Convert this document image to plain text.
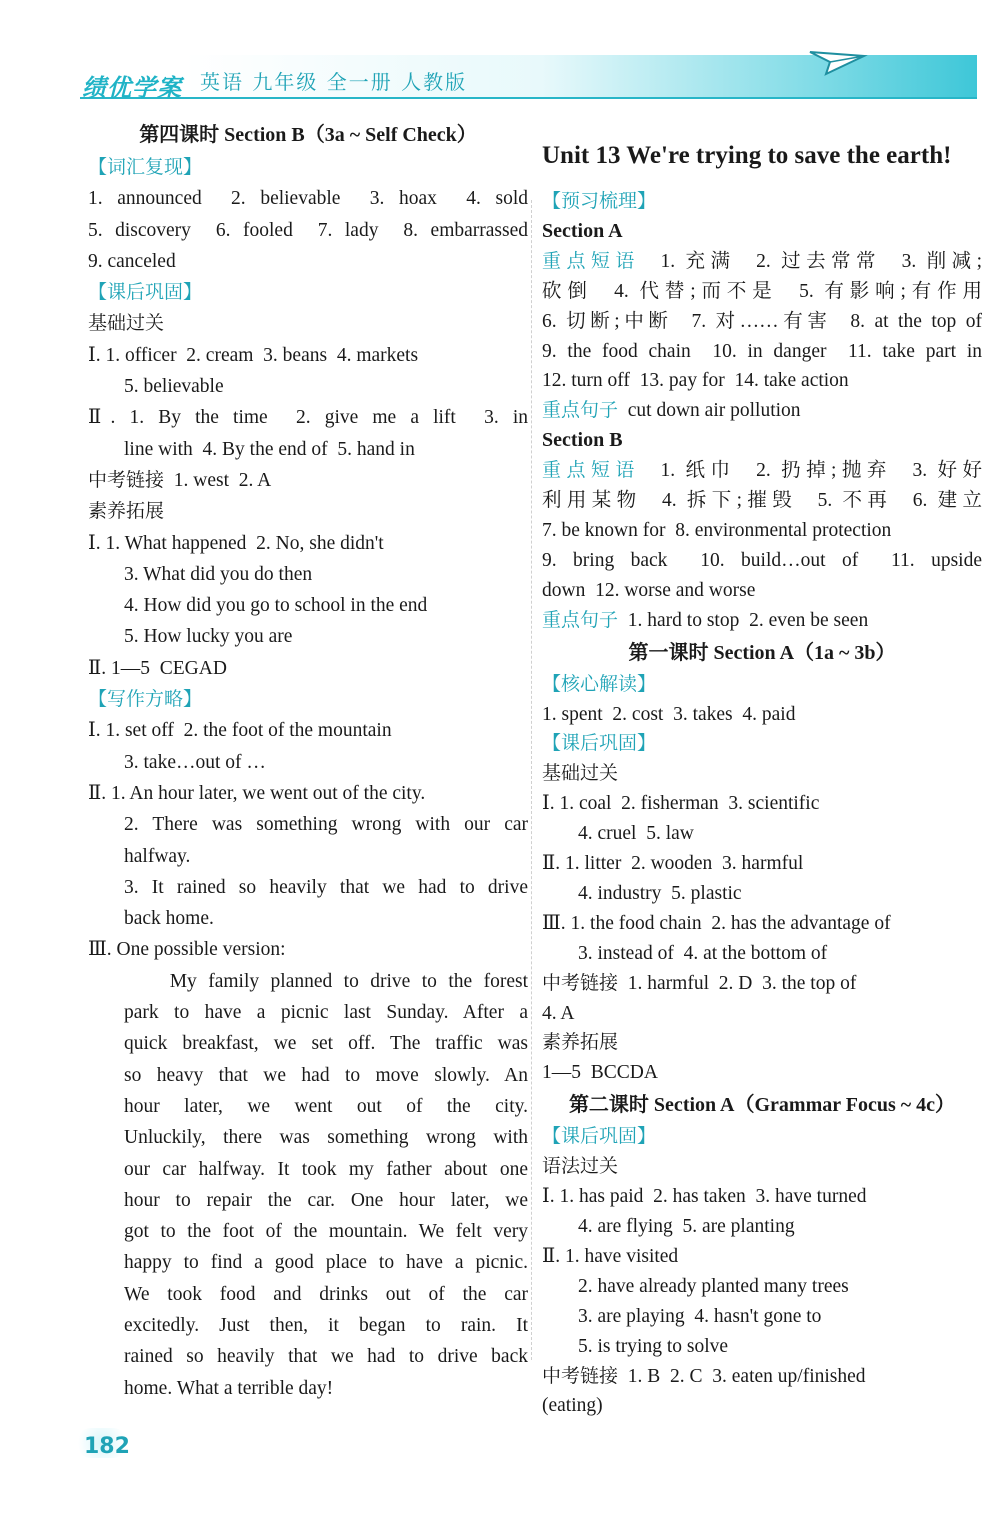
绩优学案 英语 九年级 全一册 人教版
第四课时 Section B（3a ~ Self Check）
【词汇复现】
1. announced  2. believable  3. hoax  4. sold
5. discovery  6. fooled  7. lady  8. embarrassed
9. canceled
【课后巩固】
基础过关
Ⅰ. 1. officer  2. cream  3. beans  4. markets
5. believable
Ⅱ. 1. By the time  2. give me a lift  3. in
line with  4. By the end of  5. hand in
中考链接  1. west  2. A
素养拓展
Ⅰ. 1. What happened  2. No, she didn't
3. What did you do then
4. How did you go to school in the end
5. How lucky you are
Ⅱ. 1—5  CEGAD
【写作方略】
Ⅰ. 1. set off  2. the foot of the mountain
3. take…out of …
Ⅱ. 1. An hour later, we went out of the city.
2. There was something wrong with our car
halfway.
3. It rained so heavily that we had to drive
back home.
Ⅲ. One possible version:
My family planned to drive to the forest
park to have a picnic last Sunday. After a
quick breakfast, we set off. The traffic was
so heavy that we had to move slowly. An
hour later, we went out of the city.
Unluckily, there was something wrong with
our car halfway. It took my father about one
hour to repair the car. One hour later, we
got to the foot of the mountain. We felt very
happy to find a good place to have a picnic.
We took food and drinks out of the car
excitedly. Just then, it began to rain. It
rained so heavily that we had to drive back
home. What a terrible day!
Unit 13 We're trying to save the earth!
【预习梳理】
Section A
重点短语  1. 充满  2. 过去常常  3. 削减;
砍倒  4. 代替;而不是  5. 有影响;有作用
6. 切断;中断  7. 对……有害  8. at the top of
9. the food chain  10. in danger  11. take part in
12. turn off  13. pay for  14. take action
重点句子  cut down air pollution
Section B
重点短语  1. 纸巾  2. 扔掉;抛弃  3. 好好
利用某物  4. 拆下;摧毁  5. 不再  6. 建立
7. be known for  8. environmental protection
9. bring back  10. build…out of  11. upside
down  12. worse and worse
重点句子  1. hard to stop  2. even be seen
第一课时 Section A（1a ~ 3b）
【核心解读】
1. spent  2. cost  3. takes  4. paid
【课后巩固】
基础过关
Ⅰ. 1. coal  2. fisherman  3. scientific
4. cruel  5. law
Ⅱ. 1. litter  2. wooden  3. harmful
4. industry  5. plastic
Ⅲ. 1. the food chain  2. has the advantage of
3. instead of  4. at the bottom of
中考链接  1. harmful  2. D  3. the top of
4. A
素养拓展
1—5  BCCDA
第二课时 Section A（Grammar Focus ~ 4c）
【课后巩固】
语法过关
Ⅰ. 1. has paid  2. has taken  3. have turned
4. are flying  5. are planting
Ⅱ. 1. have visited
2. have already planted many trees
3. are playing  4. hasn't gone to
5. is trying to solve
中考链接  1. B  2. C  3. eaten up/finished
(eating)
182
